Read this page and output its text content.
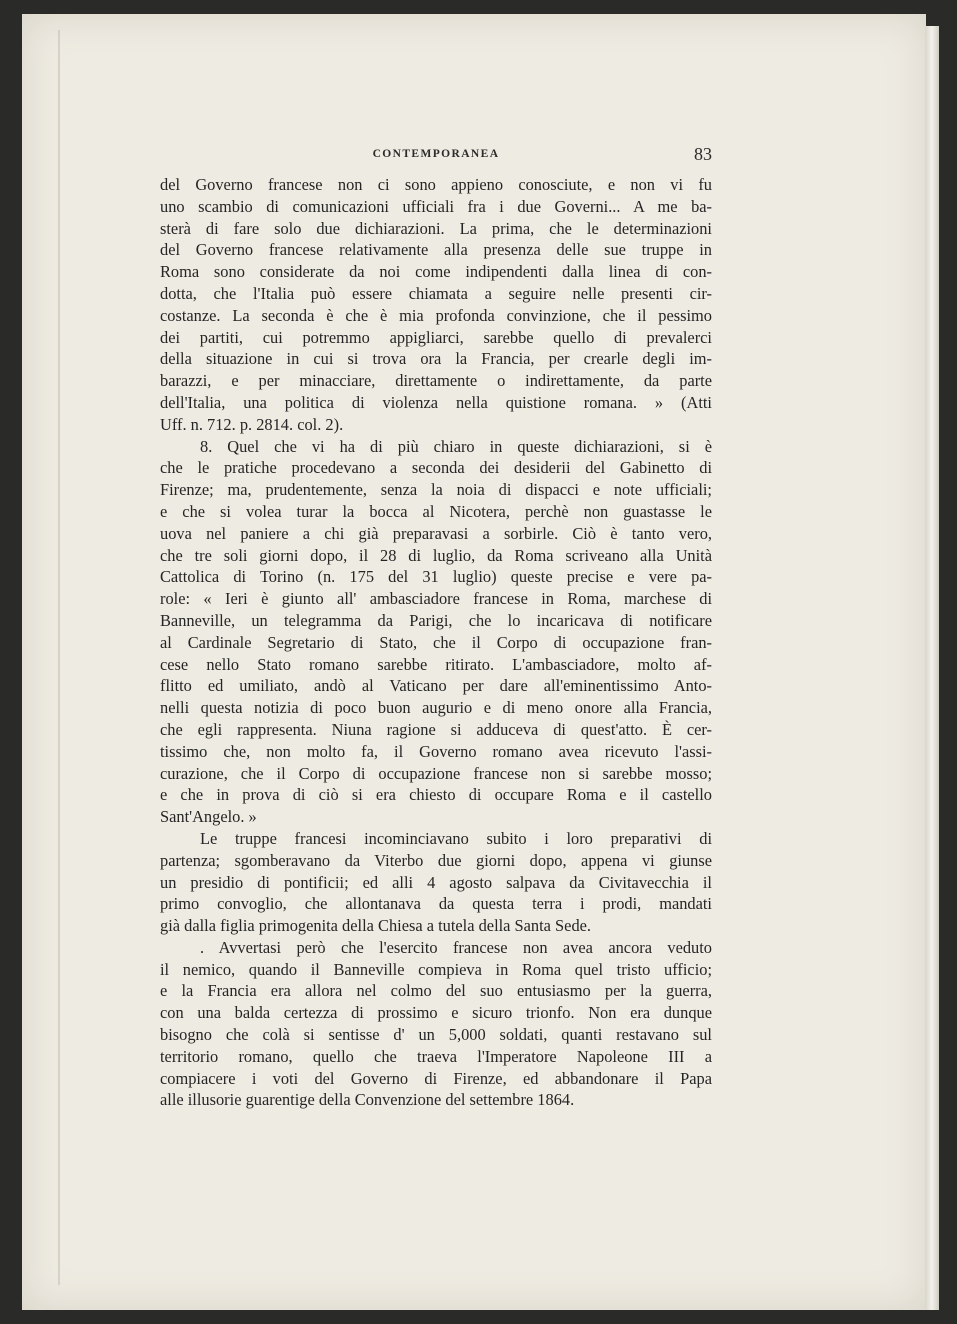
CONTEMPORANEA	83
del Governo francese non ci sono appieno conosciute, e non vi fu
uno scambio di comunicazioni ufficiali fra i due Governi... A me ba-
sterà di fare solo due dichiarazioni. La prima, che le determinazioni
del Governo francese relativamente alla presenza delle sue truppe in
Roma sono considerate da noi come indipendenti dalla linea di con-
dotta, che l'Italia può essere chiamata a seguire nelle presenti cir-
costanze. La seconda è che è mia profonda convinzione, che il pessimo
dei partiti, cui potremmo appigliarci, sarebbe quello di prevalerci
della situazione in cui si trova ora la Francia, per crearle degli im-
barazzi, e per minacciare, direttamente o indirettamente, da parte
dell'Italia, una politica di violenza nella quistione romana. » (Atti
Uff. n. 712. p. 2814. col. 2).
8. Quel che vi ha di più chiaro in queste dichiarazioni, si è
che le pratiche procedevano a seconda dei desiderii del Gabinetto di
Firenze; ma, prudentemente, senza la noia di dispacci e note ufficiali;
e che si volea turar la bocca al Nicotera, perchè non guastasse le
uova nel paniere a chi già preparavasi a sorbirle. Ciò è tanto vero,
che tre soli giorni dopo, il 28 di luglio, da Roma scriveano alla Unità
Cattolica di Torino (n. 175 del 31 luglio) queste precise e vere pa-
role: « Ieri è giunto all' ambasciadore francese in Roma, marchese di
Banneville, un telegramma da Parigi, che lo incaricava di notificare
al Cardinale Segretario di Stato, che il Corpo di occupazione fran-
cese nello Stato romano sarebbe ritirato. L'ambasciadore, molto af-
flitto ed umiliato, andò al Vaticano per dare all'eminentissimo Anto-
nelli questa notizia di poco buon augurio e di meno onore alla Francia,
che egli rappresenta. Niuna ragione si adduceva di quest'atto. È cer-
tissimo che, non molto fa, il Governo romano avea ricevuto l'assi-
curazione, che il Corpo di occupazione francese non si sarebbe mosso;
e che in prova di ciò si era chiesto di occupare Roma e il castello
Sant'Angelo. »
Le truppe francesi incominciavano subito i loro preparativi di
partenza; sgomberavano da Viterbo due giorni dopo, appena vi giunse
un presidio di pontificii; ed alli 4 agosto salpava da Civitavecchia il
primo convoglio, che allontanava da questa terra i prodi, mandati
già dalla figlia primogenita della Chiesa a tutela della Santa Sede.
. Avvertasi però che l'esercito francese non avea ancora veduto
il nemico, quando il Banneville compieva in Roma quel tristo ufficio;
e la Francia era allora nel colmo del suo entusiasmo per la guerra,
con una balda certezza di prossimo e sicuro trionfo. Non era dunque
bisogno che colà si sentisse d' un 5,000 soldati, quanti restavano sul
territorio romano, quello che traeva l'Imperatore Napoleone III a
compiacere i voti del Governo di Firenze, ed abbandonare il Papa
alle illusorie guarentige della Convenzione del settembre 1864.
